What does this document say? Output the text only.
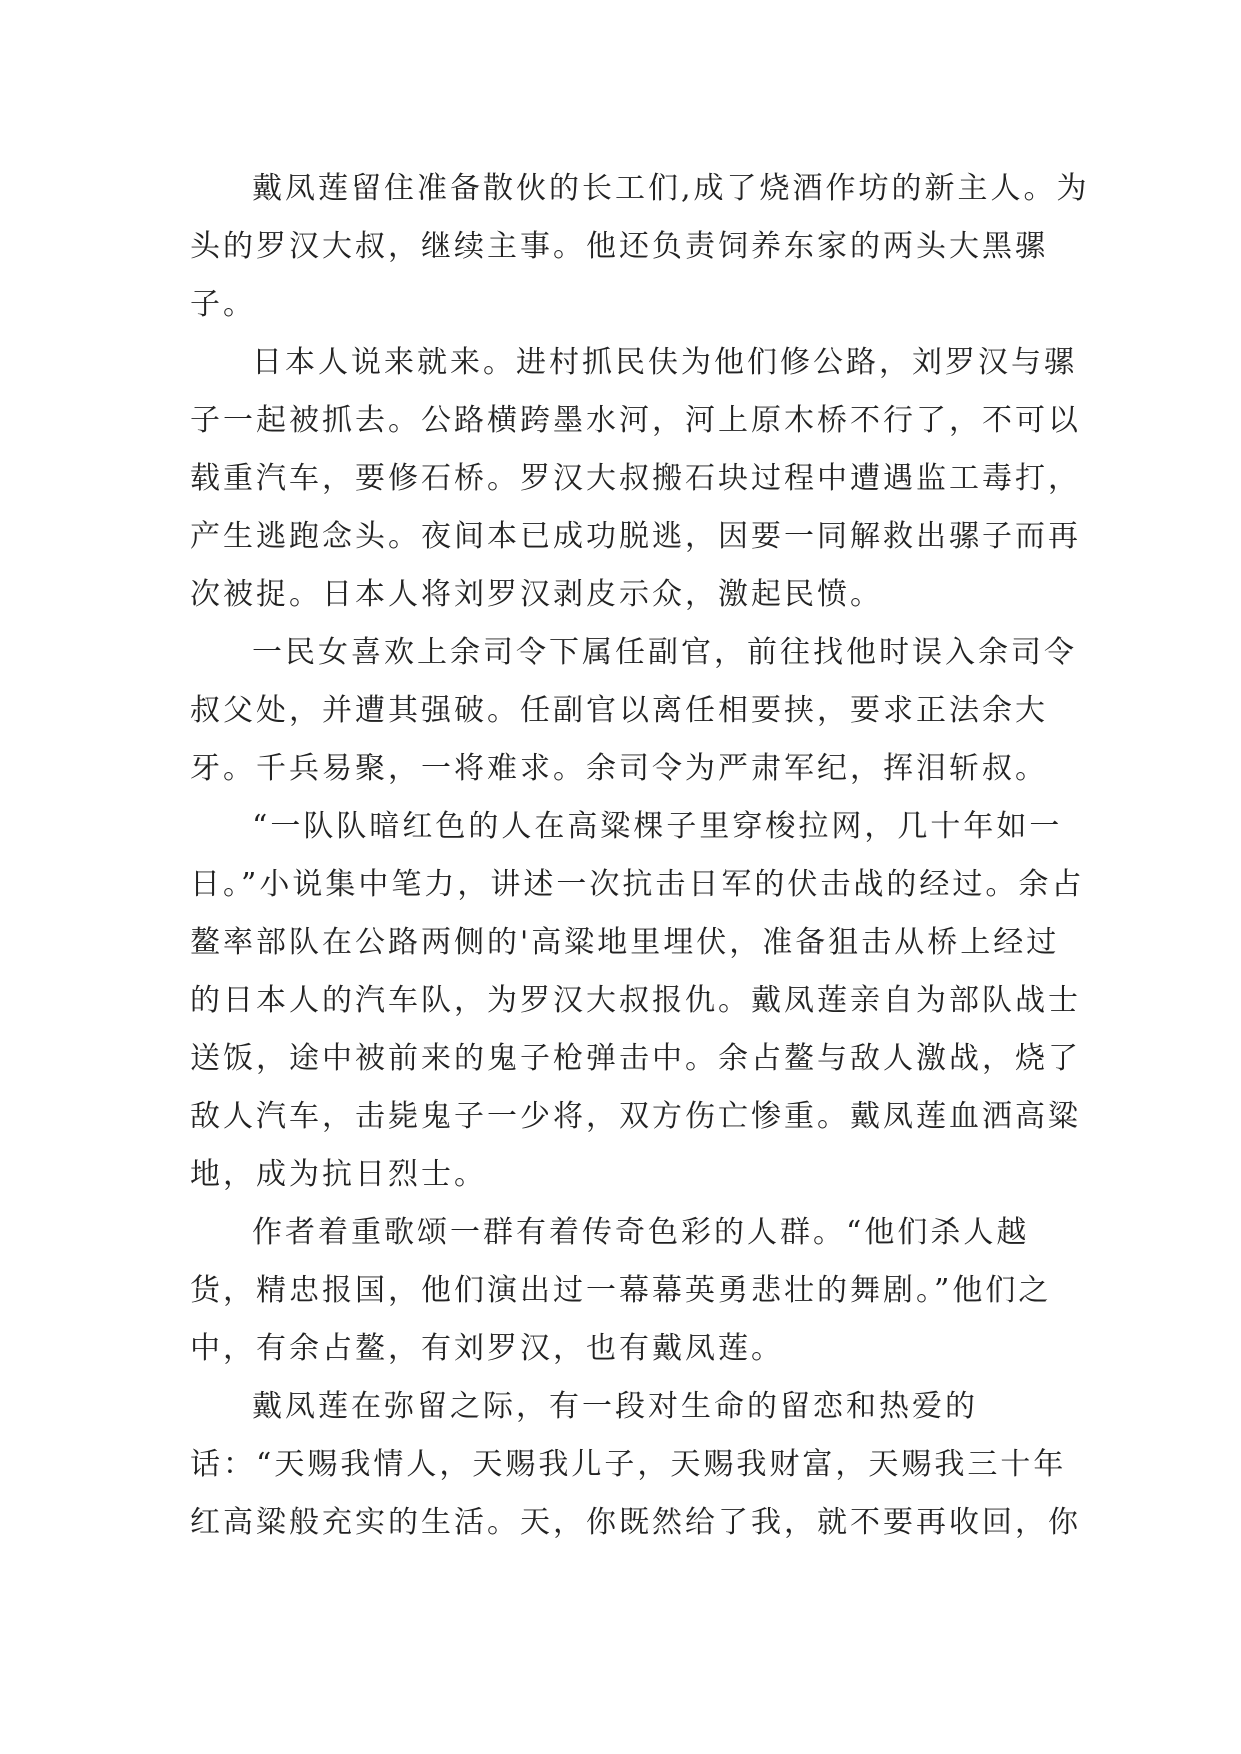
戴凤莲留住准备散伙的长工们,成了烧酒作坊的新主人。为头的罗汉大叔，继续主事。他还负责饲养东家的两头大黑骡子。

日本人说来就来。进村抓民伕为他们修公路，刘罗汉与骡子一起被抓去。公路横跨墨水河，河上原木桥不行了，不可以载重汽车，要修石桥。罗汉大叔搬石块过程中遭遇监工毒打，产生逃跑念头。夜间本已成功脱逃，因要一同解救出骡子而再次被捉。日本人将刘罗汉剥皮示众，激起民愤。

一民女喜欢上余司令下属任副官，前往找他时误入余司令叔父处，并遭其强破。任副官以离任相要挟，要求正法余大牙。千兵易聚，一将难求。余司令为严肃军纪，挥泪斩叔。

“一队队暗红色的人在高粱棵子里穿梭拉网，几十年如一日。”小说集中笔力，讲述一次抗击日军的伏击战的经过。余占鳌率部队在公路两侧的'高粱地里埋伏，准备狙击从桥上经过的日本人的汽车队，为罗汉大叔报仇。戴凤莲亲自为部队战士送饭，途中被前来的鬼子枪弹击中。余占鳌与敌人激战，烧了敌人汽车，击毙鬼子一少将，双方伤亡惨重。戴凤莲血洒高粱地，成为抗日烈士。

作者着重歌颂一群有着传奇色彩的人群。“他们杀人越货，精忠报国，他们演出过一幕幕英勇悲壮的舞剧。”他们之中，有余占鳌，有刘罗汉，也有戴凤莲。

戴凤莲在弥留之际，有一段对生命的留恋和热爱的话：“天赐我情人，天赐我儿子，天赐我财富，天赐我三十年红高粱般充实的生活。天，你既然给了我，就不要再收回，你
